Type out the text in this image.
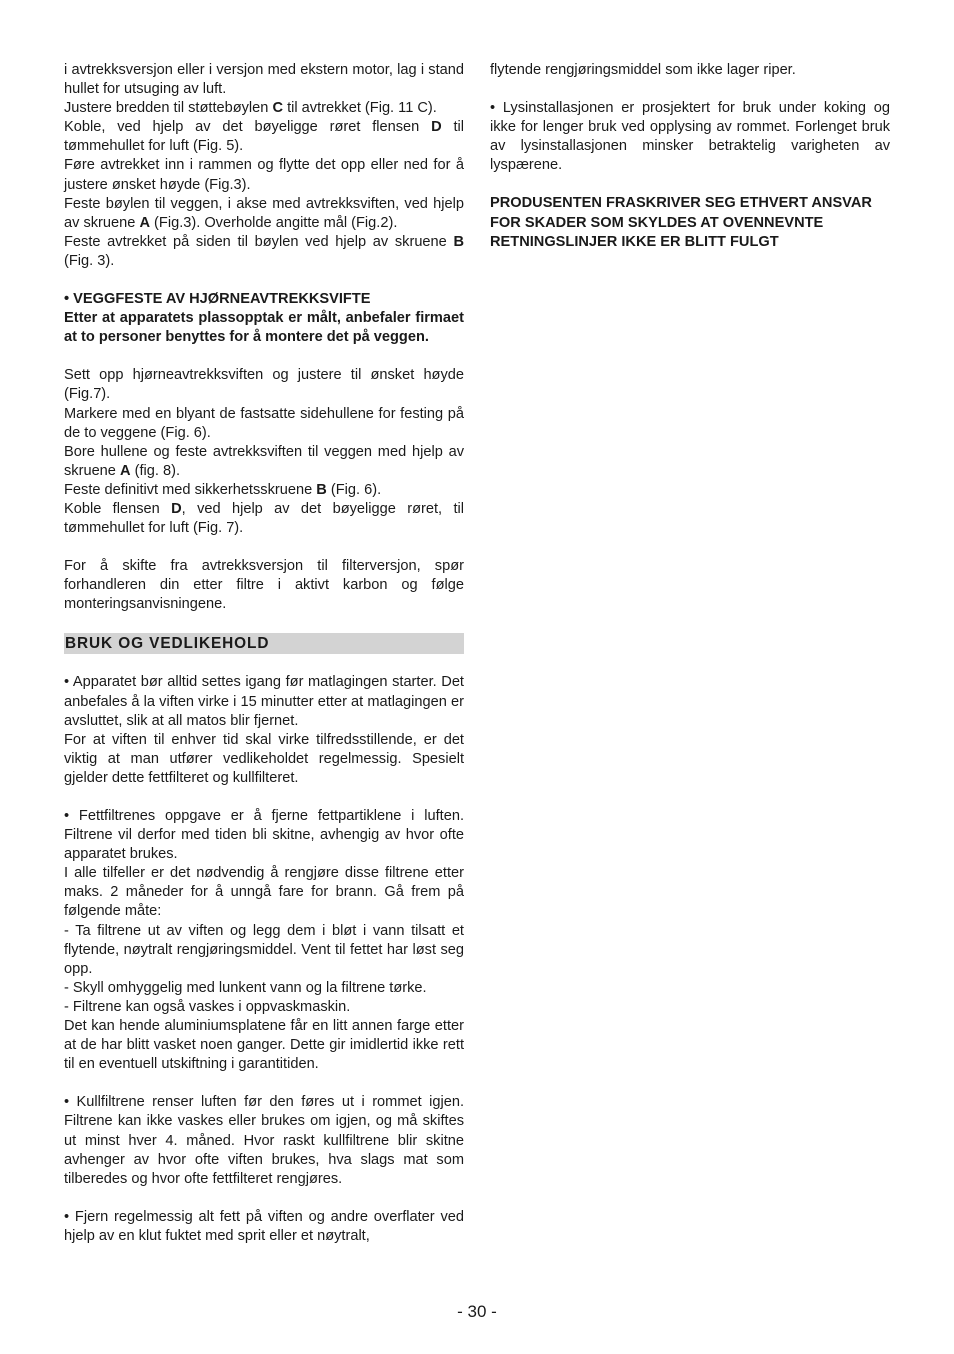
i avtrekksversjon eller i versjon med ekstern motor, lag i stand hullet for utsuging av luft.

Justere bredden til støttebøylen C til avtrekket (Fig. 11 C).

Koble, ved hjelp av det bøyeligge røret flensen D til tømmehullet for luft (Fig. 5).

Føre avtrekket inn i rammen og flytte det opp eller ned for å justere ønsket høyde (Fig.3).

Feste bøylen til veggen, i akse med avtrekksviften, ved hjelp av skruene A (Fig.3). Overholde angitte mål (Fig.2).

Feste avtrekket på siden til bøylen ved hjelp av skruene B (Fig. 3).

• VEGGFESTE AV HJØRNEAVTREKKSVIFTE

Etter at apparatets plassopptak er målt, anbefaler firmaet at to personer benyttes for å montere det på veggen.

Sett opp hjørneavtrekksviften og justere til ønsket høyde (Fig.7).

Markere med en blyant de fastsatte sidehullene for festing på de to veggene (Fig. 6).

Bore hullene og feste avtrekksviften til veggen med hjelp av skruene A (fig. 8).

Feste definitivt med sikkerhetsskruene B (Fig. 6).

Koble flensen D, ved hjelp av det bøyeligge røret, til tømmehullet for luft (Fig. 7).

For å skifte fra avtrekksversjon til filterversjon, spør forhandleren din etter filtre i aktivt karbon og følge monteringsanvisningene.

BRUK OG VEDLIKEHOLD

• Apparatet bør alltid settes igang før matlagingen starter. Det anbefales å la viften virke i 15 minutter etter at matlagingen er avsluttet, slik at all matos blir fjernet.

For at viften til enhver tid skal virke tilfredsstillende, er det viktig at man utfører vedlikeholdet regelmessig. Spesielt gjelder dette fettfilteret og kullfilteret.

• Fettfiltrenes oppgave er å fjerne fettpartiklene i luften. Filtrene vil derfor med tiden bli skitne, avhengig av hvor ofte apparatet brukes.

I alle tilfeller er det nødvendig å rengjøre disse filtrene etter maks. 2 måneder for å unngå fare for brann. Gå frem på følgende måte:

- Ta filtrene ut av viften og legg dem i bløt i vann tilsatt et flytende, nøytralt rengjøringsmiddel. Vent til fettet har løst seg opp.

- Skyll omhyggelig med lunkent vann og la filtrene tørke.

- Filtrene kan også vaskes i oppvaskmaskin.

Det kan hende aluminiumsplatene får en litt annen farge etter at de har blitt vasket noen ganger. Dette gir imidlertid ikke rett til en eventuell utskiftning i garantitiden.

• Kullfiltrene renser luften før den føres ut i rommet igjen. Filtrene kan ikke vaskes eller brukes om igjen, og må skiftes ut minst hver 4. måned. Hvor raskt kullfiltrene blir skitne avhenger av hvor ofte viften brukes, hva slags mat som tilberedes og hvor ofte fettfilteret rengjøres.

• Fjern regelmessig alt fett på viften og andre overflater ved hjelp av en klut fuktet med sprit eller et nøytralt,

flytende rengjøringsmiddel som ikke lager riper.

• Lysinstallasjonen er prosjektert for bruk under koking og ikke for lenger bruk ved opplysing av rommet. Forlenget bruk av lysinstallasjonen minsker betraktelig varigheten av lyspærene.

PRODUSENTEN FRASKRIVER SEG ETHVERT ANSVAR FOR SKADER SOM SKYLDES AT OVENNEVNTE RETNINGSLINJER IKKE ER BLITT FULGT

- 30 -
